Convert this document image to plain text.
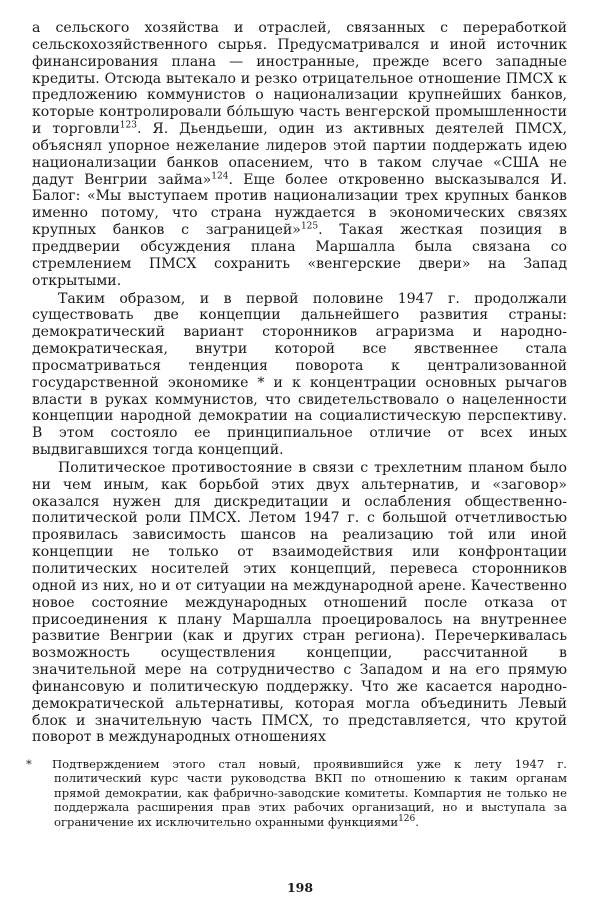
а сельского хозяйства и отраслей, связанных с переработкой сельскохозяйственного сырья. Предусматривался и иной источник финансирования плана — иностранные, прежде всего западные кредиты. Отсюда вытекало и резко отрицательное отношение ПМСХ к предложению коммунистов о национализации крупнейших банков, которые контролировали бо́льшую часть венгерской промышленности и торговли$^{123}$. Я. Дьендьеши, один из активных деятелей ПМСХ, объяснял упорное нежелание лидеров этой партии поддержать идею национализации банков опасением, что в таком случае «США не дадут Венгрии займа»$^{124}$. Еще более откровенно высказывался И. Балог: «Мы выступаем против национализации трех крупных банков именно потому, что страна нуждается в экономических связях крупных банков с заграницей»$^{125}$. Такая жесткая позиция в преддверии обсуждения плана Маршалла была связана со стремлением ПМСХ сохранить «венгерские двери» на Запад открытыми.

Таким образом, и в первой половине 1947 г. продолжали существовать две концепции дальнейшего развития страны: демократический вариант сторонников аграризма и народно-демократическая, внутри которой все явственнее стала просматриваться тенденция поворота к централизованной государственной экономике * и к концентрации основных рычагов власти в руках коммунистов, что свидетельствовало о нацеленности концепции народной демократии на социалистическую перспективу. В этом состояло ее принципиальное отличие от всех иных выдвигавшихся тогда концепций.

Политическое противостояние в связи с трехлетним планом было ни чем иным, как борьбой этих двух альтернатив, и «заговор» оказался нужен для дискредитации и ослабления общественно-политической роли ПМСХ. Летом 1947 г. с большой отчетливостью проявилась зависимость шансов на реализацию той или иной концепции не только от взаимодействия или конфронтации политических носителей этих концепций, перевеса сторонников одной из них, но и от ситуации на международной арене. Качественно новое состояние международных отношений после отказа от присоединения к плану Маршалла проецировалось на внутреннее развитие Венгрии (как и других стран региона). Перечеркивалась возможность осуществления концепции, рассчитанной в значительной мере на сотрудничество с Западом и на его прямую финансовую и политическую поддержку. Что же касается народно-демократической альтернативы, которая могла объединить Левый блок и значительную часть ПМСХ, то представляется, что крутой поворот в международных отношениях

* Подтверждением этого стал новый, проявившийся уже к лету 1947 г. политический курс части руководства ВКП по отношению к таким органам прямой демократии, как фабрично-заводские комитеты. Компартия не только не поддержала расширения прав этих рабочих организаций, но и выступала за ограничение их исключительно охранными функциями$^{126}$.
198
